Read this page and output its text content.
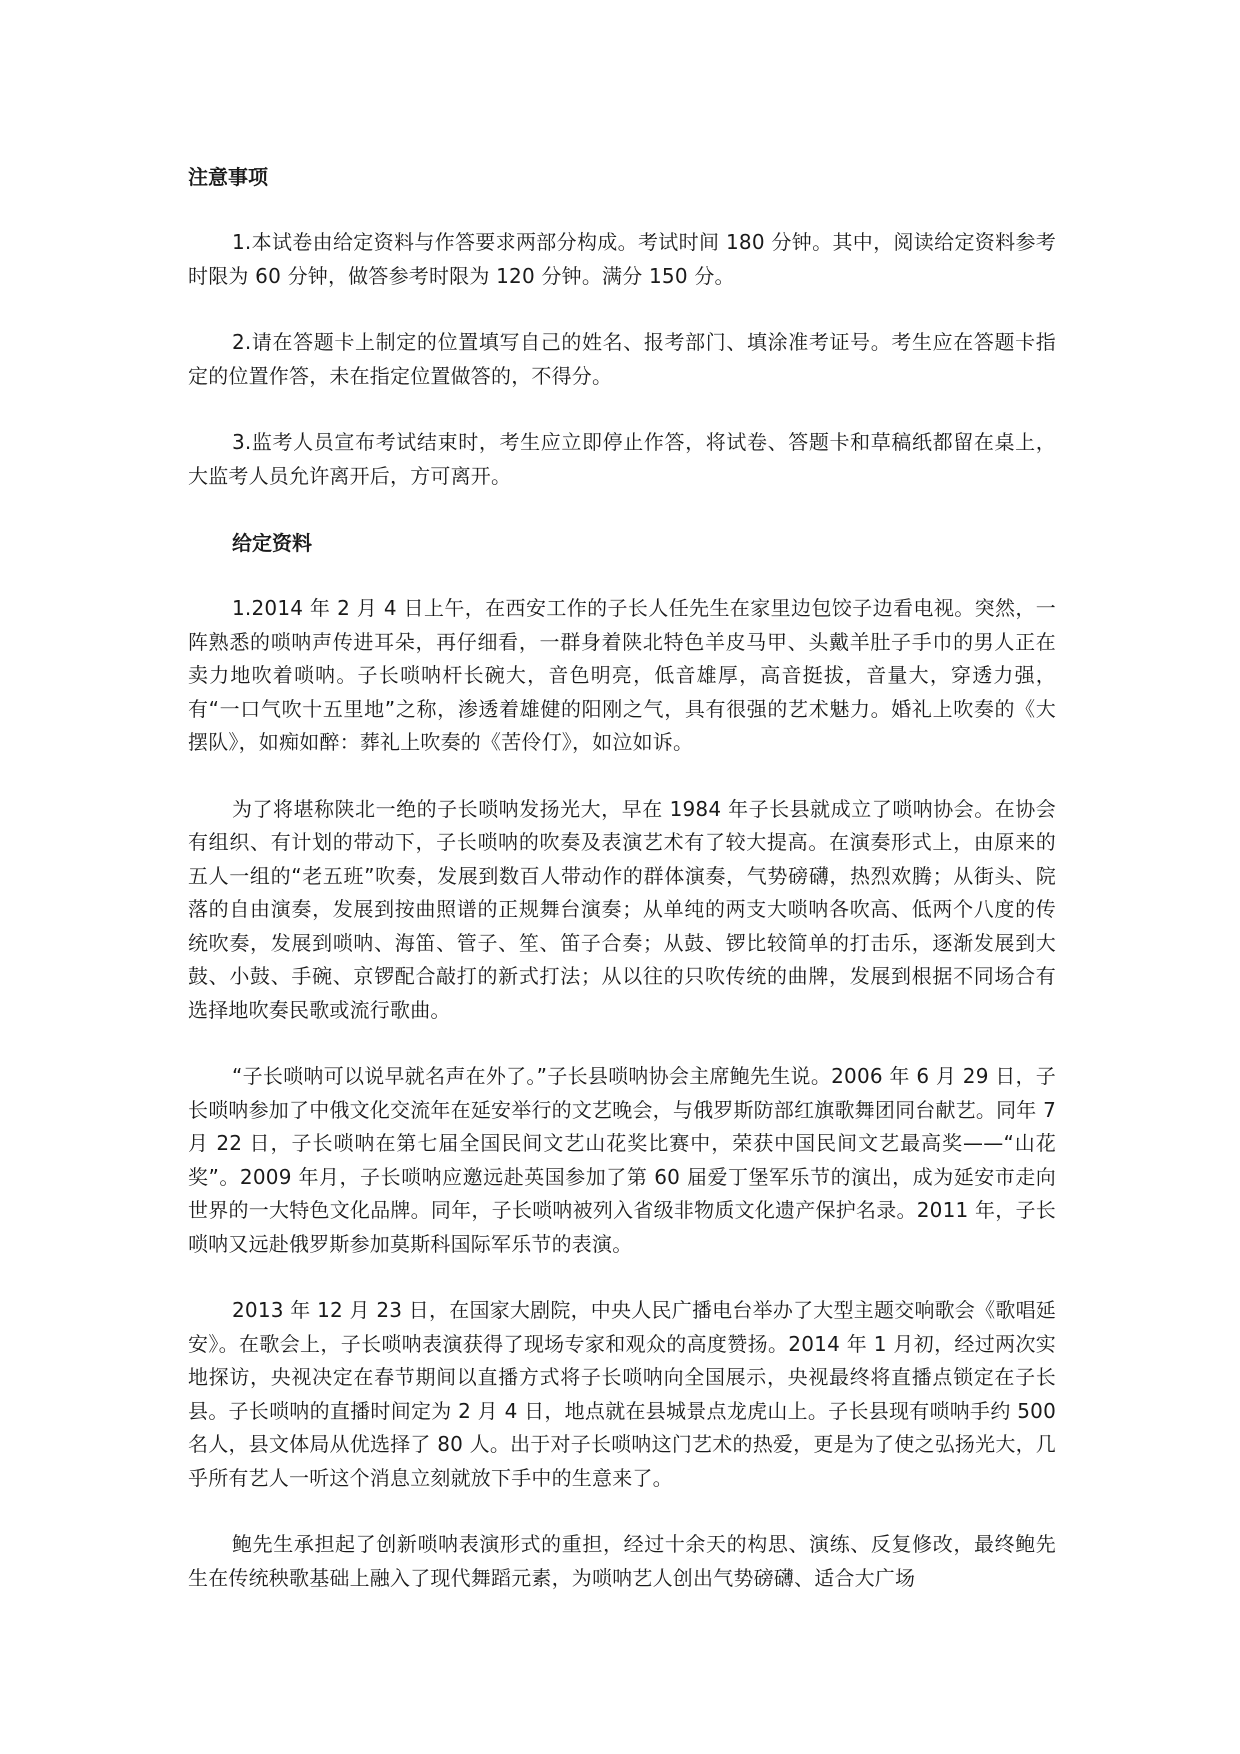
注意事项

1.本试卷由给定资料与作答要求两部分构成。考试时间 180 分钟。其中，阅读给定资料参考时限为 60 分钟，做答参考时限为 120 分钟。满分 150 分。

2.请在答题卡上制定的位置填写自己的姓名、报考部门、填涂准考证号。考生应在答题卡指定的位置作答，未在指定位置做答的，不得分。

3.监考人员宣布考试结束时，考生应立即停止作答，将试卷、答题卡和草稿纸都留在桌上，大监考人员允许离开后，方可离开。

给定资料

1.2014 年 2 月 4 日上午，在西安工作的子长人任先生在家里边包饺子边看电视。突然，一阵熟悉的唢呐声传进耳朵，再仔细看，一群身着陕北特色羊皮马甲、头戴羊肚子手巾的男人正在卖力地吹着唢呐。子长唢呐杆长碗大，音色明亮，低音雄厚，高音挺拔，音量大，穿透力强，有“一口气吹十五里地”之称，渗透着雄健的阳刚之气，具有很强的艺术魅力。婚礼上吹奏的《大摆队》，如痴如醉：葬礼上吹奏的《苦伶仃》，如泣如诉。

为了将堪称陕北一绝的子长唢呐发扬光大，早在 1984 年子长县就成立了唢呐协会。在协会有组织、有计划的带动下，子长唢呐的吹奏及表演艺术有了较大提高。在演奏形式上，由原来的五人一组的“老五班”吹奏，发展到数百人带动作的群体演奏，气势磅礴，热烈欢腾；从街头、院落的自由演奏，发展到按曲照谱的正规舞台演奏；从单纯的两支大唢呐各吹高、低两个八度的传统吹奏，发展到唢呐、海笛、管子、笙、笛子合奏；从鼓、锣比较简单的打击乐，逐渐发展到大鼓、小鼓、手碗、京锣配合敲打的新式打法；从以往的只吹传统的曲牌，发展到根据不同场合有选择地吹奏民歌或流行歌曲。

“子长唢呐可以说早就名声在外了。”子长县唢呐协会主席鲍先生说。2006 年 6 月 29 日，子长唢呐参加了中俄文化交流年在延安举行的文艺晚会，与俄罗斯防部红旗歌舞团同台献艺。同年 7 月 22 日，子长唢呐在第七届全国民间文艺山花奖比赛中，荣获中国民间文艺最高奖——“山花奖”。2009 年月，子长唢呐应邀远赴英国参加了第 60 届爱丁堡军乐节的演出，成为延安市走向世界的一大特色文化品牌。同年，子长唢呐被列入省级非物质文化遗产保护名录。2011 年，子长唢呐又远赴俄罗斯参加莫斯科国际军乐节的表演。

2013 年 12 月 23 日，在国家大剧院，中央人民广播电台举办了大型主题交响歌会《歌唱延安》。在歌会上，子长唢呐表演获得了现场专家和观众的高度赞扬。2014 年 1 月初，经过两次实地探访，央视决定在春节期间以直播方式将子长唢呐向全国展示，央视最终将直播点锁定在子长县。子长唢呐的直播时间定为 2 月 4 日，地点就在县城景点龙虎山上。子长县现有唢呐手约 500 名人，县文体局从优选择了 80 人。出于对子长唢呐这门艺术的热爱，更是为了使之弘扬光大，几乎所有艺人一听这个消息立刻就放下手中的生意来了。

鲍先生承担起了创新唢呐表演形式的重担，经过十余天的构思、演练、反复修改，最终鲍先生在传统秧歌基础上融入了现代舞蹈元素，为唢呐艺人创出气势磅礴、适合大广场
